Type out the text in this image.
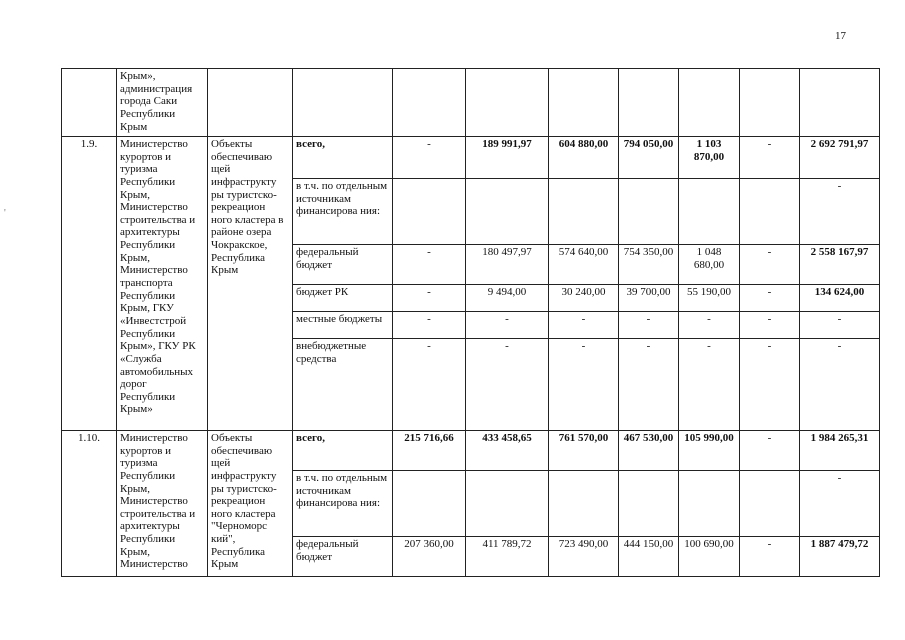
17
'
	Крым», администрация города Саки Республики Крым									
1.9.	Министерство курортов и туризма Республики Крым, Министерство строительства и архитектуры Республики Крым, Министерство транспорта Республики Крым, ГКУ «Инвестстрой Республики Крым», ГКУ РК «Служба автомобильных дорог Республики Крым»	Объекты обеспечиваю щей инфраструкту ры туристско-рекреацион ного кластера в районе озера Чокракское, Республика Крым	всего,	-	189 991,97	604 880,00	794 050,00	1 103 870,00	-	2 692 791,97
			в т.ч. по отдельным источникам финансирова ния:							-
			федеральный бюджет	-	180 497,97	574 640,00	754 350,00	1 048 680,00	-	2 558 167,97
			бюджет РК	-	9 494,00	30 240,00	39 700,00	55 190,00	-	134 624,00
			местные бюджеты	-	-	-	-	-	-	-
			внебюджетные средства	-	-	-	-	-	-	-
1.10.	Министерство курортов и туризма Республики Крым, Министерство строительства и архитектуры Республики Крым, Министерство	Объекты обеспечиваю щей инфраструкту ры туристско-рекреацион ного кластера "Черноморс кий", Республика Крым	всего,	215 716,66	433 458,65	761 570,00	467 530,00	105 990,00	-	1 984 265,31
			в т.ч. по отдельным источникам финансирова ния:							-
			федеральный бюджет	207 360,00	411 789,72	723 490,00	444 150,00	100 690,00	-	1 887 479,72
